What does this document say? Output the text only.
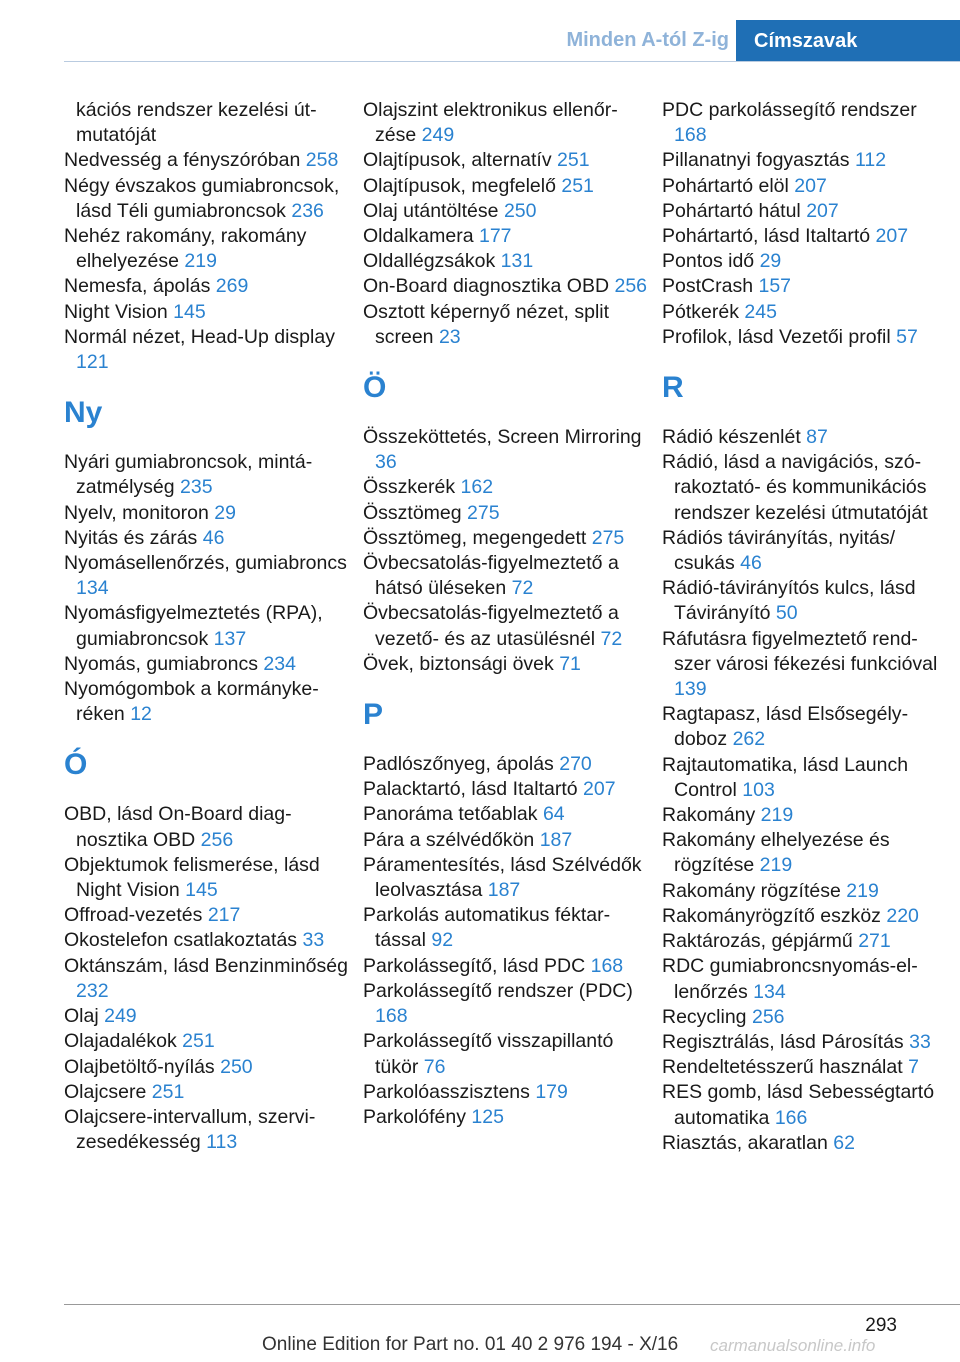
Minden A-tól Z-ig	Címszavak

kációs rendszer kezelési útmutatóját

Nedvesség a fényszóróban 258

Négy évszakos gumiabroncsok, lásd Téli gumiabroncsok 236

Nehéz rakomány, rakomány elhelyezése 219

Nemesfa, ápolás 269

Night Vision 145

Normál nézet, Head-Up display 121

Ny

Nyári gumiabroncsok, mintázatmélység 235

Nyelv, monitoron 29

Nyitás és zárás 46

Nyomásellenőrzés, gumiabroncs 134

Nyomásfigyelmeztetés (RPA), gumiabroncsok 137

Nyomás, gumiabroncs 234

Nyomógombok a kormánykeréken 12

Ó

OBD, lásd On-Board diagnosztika OBD 256

Objektumok felismerése, lásd Night Vision 145

Offroad-vezetés 217

Okostelefon csatlakoztatás 33

Oktánszám, lásd Benzinminőség 232

Olaj 249

Olajadalékok 251

Olajbetöltő-nyílás 250

Olajcsere 251

Olajcsere-intervallum, szervizesedékesség 113

Olajszint elektronikus ellenőrzése 249

Olajtípusok, alternatív 251

Olajtípusok, megfelelő 251

Olaj utántöltése 250

Oldalkamera 177

Oldallégzsákok 131

On-Board diagnosztika OBD 256

Osztott képernyő nézet, split screen 23

Ö

Összeköttetés, Screen Mirroring 36

Összkerék 162

Össztömeg 275

Össztömeg, megengedett 275

Övbecsatolás-figyelmeztető a hátsó üléseken 72

Övbecsatolás-figyelmeztető a vezető- és az utasülésnél 72

Övek, biztonsági övek 71

P

Padlószőnyeg, ápolás 270

Palacktartó, lásd Italtartó 207

Panoráma tetőablak 64

Pára a szélvédőkön 187

Páramentesítés, lásd Szélvédők leolvasztása 187

Parkolás automatikus féktartással 92

Parkolássegítő, lásd PDC 168

Parkolássegítő rendszer (PDC) 168

Parkolássegítő visszapillantó tükör 76

Parkolóasszisztens 179

Parkolófény 125

PDC parkolássegítő rendszer 168

Pillanatnyi fogyasztás 112

Pohártartó elöl 207

Pohártartó hátul 207

Pohártartó, lásd Italtartó 207

Pontos idő 29

PostCrash 157

Pótkerék 245

Profilok, lásd Vezetői profil 57

R

Rádió készenlét 87

Rádió, lásd a navigációs, szórakoztató- és kommunikációs rendszer kezelési útmutatóját

Rádiós távirányítás, nyitás/ csukás 46

Rádió-távirányítós kulcs, lásd Távirányító 50

Ráfutásra figyelmeztető rendszer városi fékezési funkcióval 139

Ragtapasz, lásd Elsősegélydoboz 262

Rajtautomatika, lásd Launch Control 103

Rakomány 219

Rakomány elhelyezése és rögzítése 219

Rakomány rögzítése 219

Rakományrögzítő eszköz 220

Raktározás, gépjármű 271

RDC gumiabroncsnyomás-ellenőrzés 134

Recycling 256

Regisztrálás, lásd Párosítás 33

Rendeltetésszerű használat 7

RES gomb, lásd Sebességtartó automatika 166

Riasztás, akaratlan 62

293
Online Edition for Part no. 01 40 2 976 194 - X/16 carmanualsonline.info
